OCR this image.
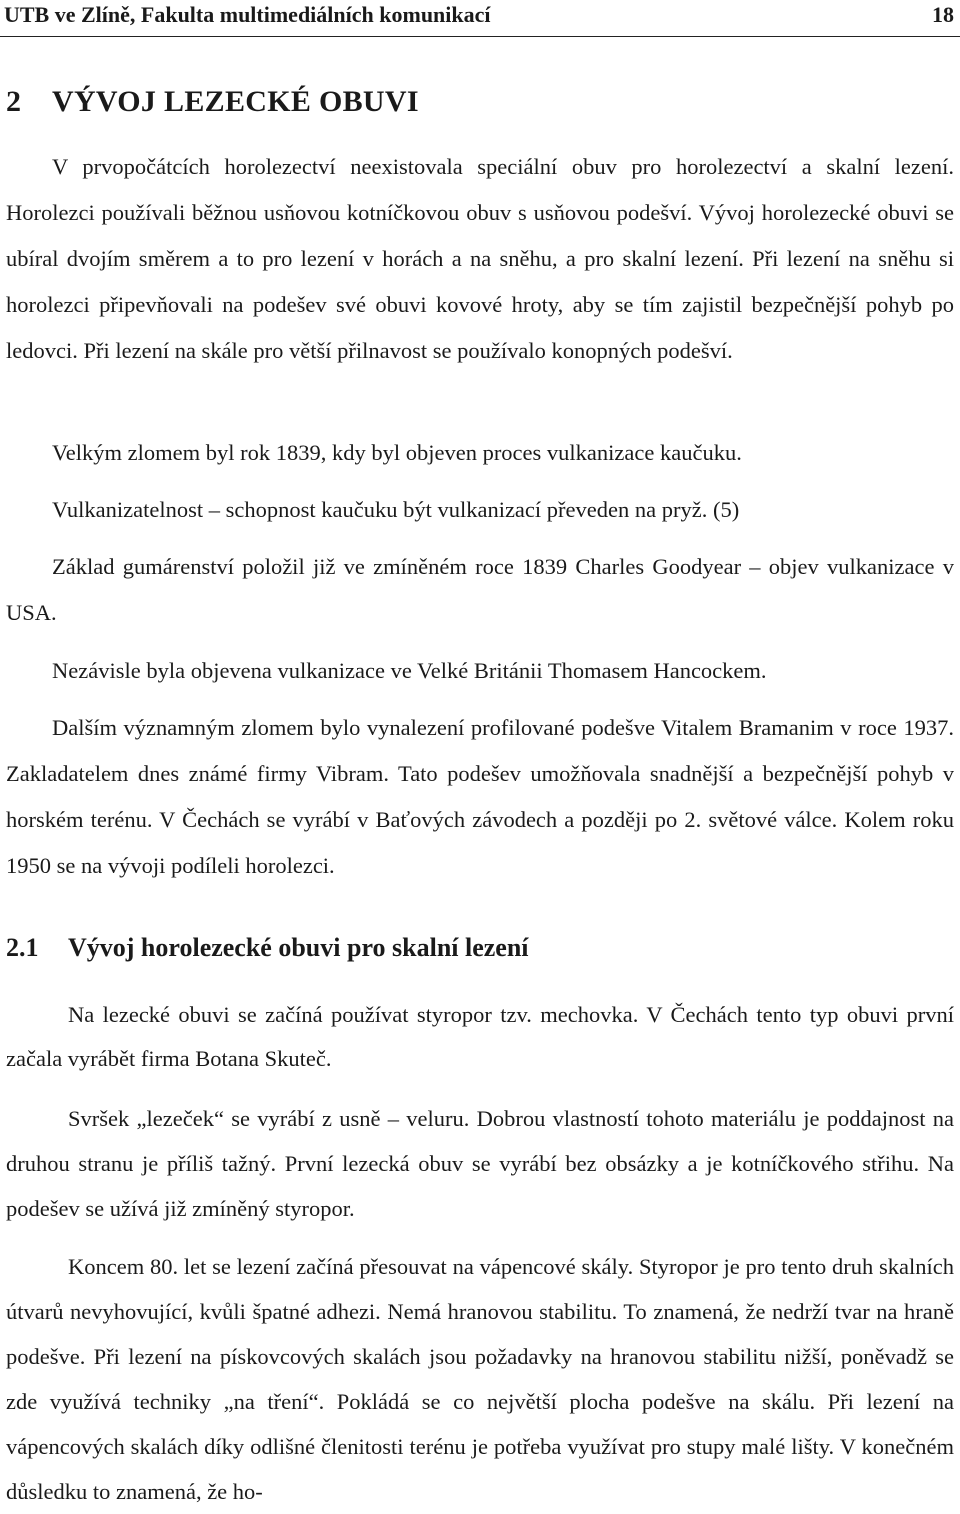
UTB ve Zlíně, Fakulta multimediálních komunikací	18
2 VÝVOJ LEZECKÉ OBUVI

V prvopočátcích horolezectví neexistovala speciální obuv pro horolezectví a skalní lezení. Horolezci používali běžnou usňovou kotníčkovou obuv s usňovou podešví. Vývoj horolezecké obuvi se ubíral dvojím směrem a to pro lezení v horách a na sněhu, a pro skalní lezení. Při lezení na sněhu si horolezci připevňovali na podešev své obuvi kovové hroty, aby se tím zajistil bezpečnější pohyb po ledovci. Při lezení na skále pro větší přilnavost se používalo konopných podešví.

Velkým zlomem byl rok 1839, kdy byl objeven proces vulkanizace kaučuku.

Vulkanizatelnost – schopnost kaučuku být vulkanizací převeden na pryž. (5)

Základ gumárenství položil již ve zmíněném roce 1839 Charles Goodyear – objev vulkanizace v USA.

Nezávisle byla objevena vulkanizace ve Velké Británii Thomasem Hancockem.

Dalším významným zlomem bylo vynalezení profilované podešve Vitalem Bramanim v roce 1937. Zakladatelem dnes známé firmy Vibram. Tato podešev umožňovala snadnější a bezpečnější pohyb v horském terénu. V Čechách se vyrábí v Baťových závodech a později po 2. světové válce. Kolem roku 1950 se na vývoji podíleli horolezci.

2.1 Vývoj horolezecké obuvi pro skalní lezení

Na lezecké obuvi se začíná používat styropor tzv. mechovka. V Čechách tento typ obuvi první začala vyrábět firma Botana Skuteč.

Svršek „lezeček“ se vyrábí z usně – veluru. Dobrou vlastností tohoto materiálu je poddajnost na druhou stranu je příliš tažný. První lezecká obuv se vyrábí bez obsázky a je kotníčkového střihu. Na podešev se užívá již zmíněný styropor.

Koncem 80. let se lezení začíná přesouvat na vápencové skály. Styropor je pro tento druh skalních útvarů nevyhovující, kvůli špatné adhezi. Nemá hranovou stabilitu. To znamená, že nedrží tvar na hraně podešve. Při lezení na pískovcových skalách jsou požadavky na hranovou stabilitu nižší, poněvadž se zde využívá techniky „na tření“. Pokládá se co největší plocha podešve na skálu. Při lezení na vápencových skalách díky odlišné členitosti terénu je potřeba využívat pro stupy malé lišty. V konečném důsledku to znamená, že ho-
